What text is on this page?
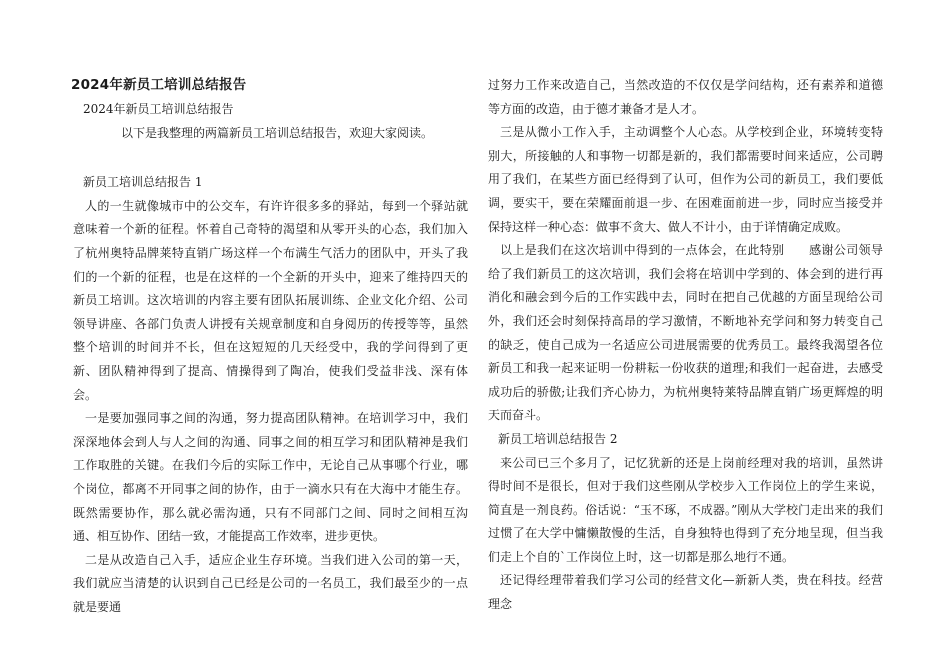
2024年新员工培训总结报告

2024年新员工培训总结报告

以下是我整理的两篇新员工培训总结报告，欢迎大家阅读。

新员工培训总结报告 1

人的一生就像城市中的公交车，有许许很多多的驿站，每到一个驿站就意味着一个新的征程。怀着自己奇特的渴望和从零开头的心态，我们加入了杭州奥特品牌莱特直销广场这样一个布满生气活力的团队中，开头了我们的一个新的征程，也是在这样的一个全新的开头中，迎来了维持四天的新员工培训。这次培训的内容主要有团队拓展训练、企业文化介绍、公司领导讲座、各部门负责人讲授有关规章制度和自身阅历的传授等等，虽然整个培训的时间并不长，但在这短短的几天经受中，我的学问得到了更新、团队精神得到了提高、情操得到了陶冶，使我们受益非浅、深有体会。

一是要加强同事之间的沟通，努力提高团队精神。在培训学习中，我们深深地体会到人与人之间的沟通、同事之间的相互学习和团队精神是我们工作取胜的关键。在我们今后的实际工作中，无论自己从事哪个行业，哪个岗位，都离不开同事之间的协作，由于一滴水只有在大海中才能生存。既然需要协作，那么就必需沟通，只有不同部门之间、同时之间相互沟通、相互协作、团结一致，才能提高工作效率，进步更快。

二是从改造自己入手，适应企业生存环境。当我们进入公司的第一天，我们就应当清楚的认识到自己已经是公司的一名员工，我们最至少的一点就是要通

过努力工作来改造自己，当然改造的不仅仅是学问结构，还有素养和道德等方面的改造，由于德才兼备才是人才。

三是从微小工作入手，主动调整个人心态。从学校到企业，环境转变特别大，所接触的人和事物一切都是新的，我们都需要时间来适应，公司聘用了我们，在某些方面已经得到了认可，但作为公司的新员工，我们要低调，要实干，要在荣耀面前退一步、在困难面前进一步，同时应当接受并保持这样一种心态：做事不贪大、做人不计小，由于详情确定成败。

以上是我们在这次培训中得到的一点体会，在此特别　　感谢公司领导给了我们新员工的这次培训，我们会将在培训中学到的、体会到的进行再消化和融会到今后的工作实践中去，同时在把自己优越的方面呈现给公司外，我们还会时刻保持高昂的学习激情，不断地补充学问和努力转变自己的缺乏，使自己成为一名适应公司进展需要的优秀员工。最终我渴望各位新员工和我一起来证明一份耕耘一份收获的道理;和我们一起奋进，去感受成功后的骄傲;让我们齐心协力，为杭州奥特莱特品牌直销广场更辉煌的明天而奋斗。

新员工培训总结报告 2

来公司已三个多月了，记忆犹新的还是上岗前经理对我的培训，虽然讲得时间不是很长，但对于我们这些刚从学校步入工作岗位上的学生来说，简直是一剂良药。俗话说：“玉不琢，不成器。”刚从大学校门走出来的我们过惯了在大学中慵懒散慢的生活，自身独特也得到了充分地呈现，但当我们走上个自的`工作岗位上时，这一切都是那么地行不通。

还记得经理带着我们学习公司的经营文化—新新人类，贵在科技。经营理念
